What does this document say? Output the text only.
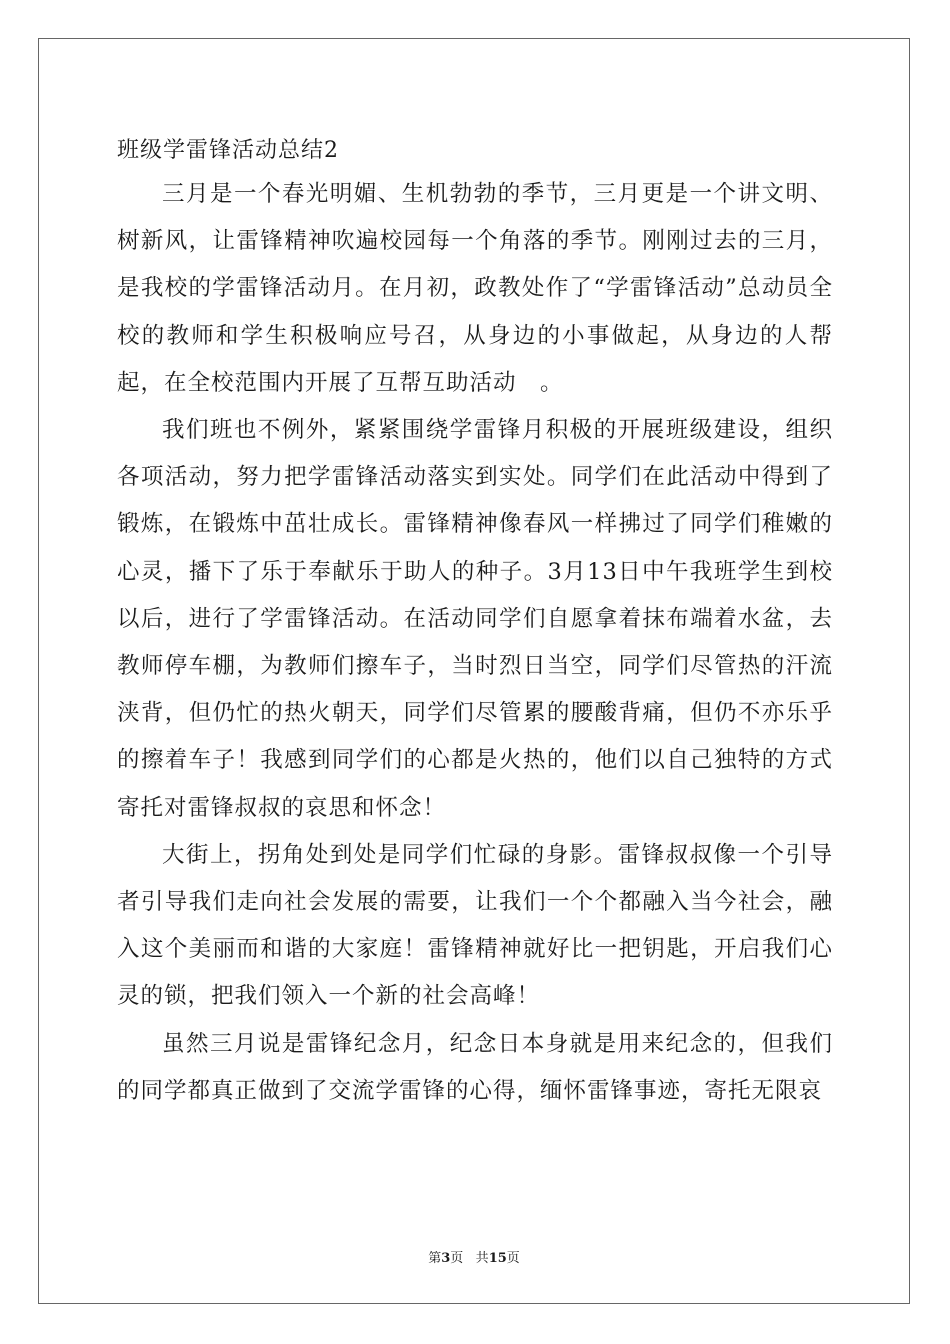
班级学雷锋活动总结2

三月是一个春光明媚、生机勃勃的季节，三月更是一个讲文明、树新风，让雷锋精神吹遍校园每一个角落的季节。刚刚过去的三月，是我校的学雷锋活动月。在月初，政教处作了“学雷锋活动”总动员全校的教师和学生积极响应号召，从身边的小事做起，从身边的人帮起，在全校范围内开展了互帮互助活动　。

我们班也不例外，紧紧围绕学雷锋月积极的开展班级建设，组织各项活动，努力把学雷锋活动落实到实处。同学们在此活动中得到了锻炼，在锻炼中茁壮成长。雷锋精神像春风一样拂过了同学们稚嫩的心灵，播下了乐于奉献乐于助人的种子。3月13日中午我班学生到校以后，进行了学雷锋活动。在活动同学们自愿拿着抹布端着水盆，去教师停车棚，为教师们擦车子，当时烈日当空，同学们尽管热的汗流浃背，但仍忙的热火朝天，同学们尽管累的腰酸背痛，但仍不亦乐乎的擦着车子！我感到同学们的心都是火热的，他们以自己独特的方式寄托对雷锋叔叔的哀思和怀念！

大街上，拐角处到处是同学们忙碌的身影。雷锋叔叔像一个引导者引导我们走向社会发展的需要，让我们一个个都融入当今社会，融入这个美丽而和谐的大家庭！雷锋精神就好比一把钥匙，开启我们心灵的锁，把我们领入一个新的社会高峰！

虽然三月说是雷锋纪念月，纪念日本身就是用来纪念的，但我们的同学都真正做到了交流学雷锋的心得，缅怀雷锋事迹，寄托无限哀

第3页 共15页
